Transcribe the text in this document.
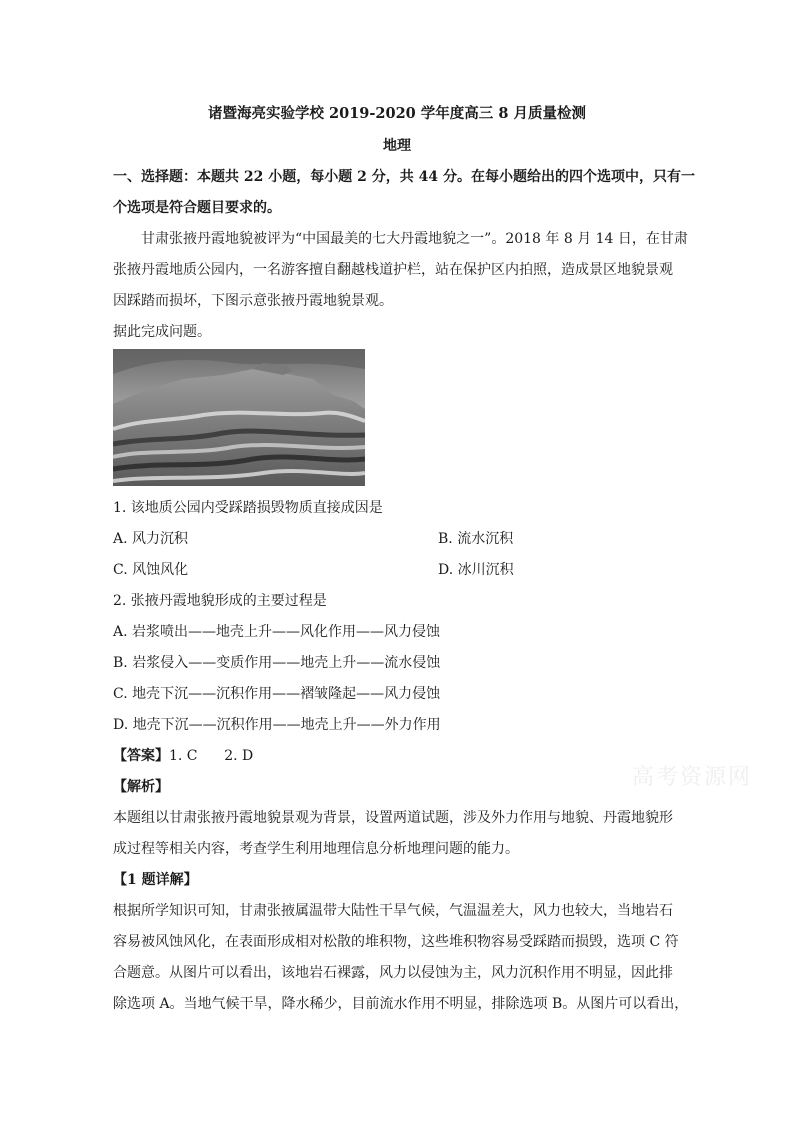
诸暨海亮实验学校 2019-2020 学年度高三 8 月质量检测
地理
一、选择题：本题共 22 小题，每小题 2 分，共 44 分。在每小题给出的四个选项中，只有一
个选项是符合题目要求的。
甘肃张掖丹霞地貌被评为“中国最美的七大丹霞地貌之一”。2018 年 8 月 14 日，在甘肃
张掖丹霞地质公园内，一名游客擅自翻越栈道护栏，站在保护区内拍照，造成景区地貌景观
因踩踏而损坏，下图示意张掖丹霞地貌景观。
据此完成问题。
1. 该地质公园内受踩踏损毁物质直接成因是
A. 风力沉积	B. 流水沉积
C. 风蚀风化	D. 冰川沉积
2. 张掖丹霞地貌形成的主要过程是
A. 岩浆喷出——地壳上升——风化作用——风力侵蚀
B. 岩浆侵入——变质作用——地壳上升——流水侵蚀
C. 地壳下沉——沉积作用——褶皱隆起——风力侵蚀
D. 地壳下沉——沉积作用——地壳上升——外力作用
【答案】1. C      2. D
【解析】
本题组以甘肃张掖丹霞地貌景观为背景，设置两道试题，涉及外力作用与地貌、丹霞地貌形
成过程等相关内容，考查学生利用地理信息分析地理问题的能力。
【1 题详解】
根据所学知识可知，甘肃张掖属温带大陆性干旱气候，气温温差大，风力也较大，当地岩石
容易被风蚀风化，在表面形成相对松散的堆积物，这些堆积物容易受踩踏而损毁，选项 C 符
合题意。从图片可以看出，该地岩石裸露，风力以侵蚀为主，风力沉积作用不明显，因此排
除选项 A。当地气候干旱，降水稀少，目前流水作用不明显，排除选项 B。从图片可以看出，
高考资源网
